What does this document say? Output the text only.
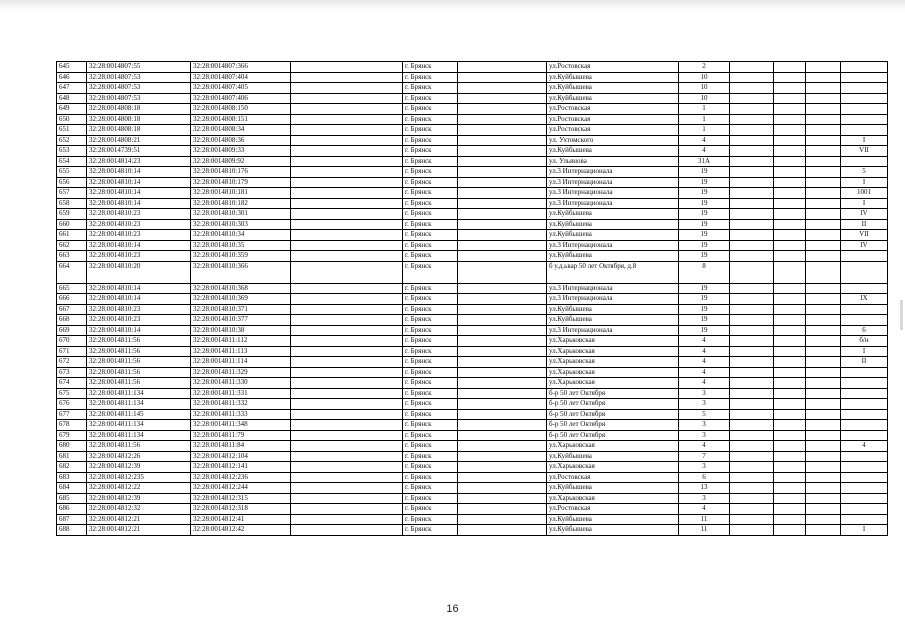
645	32:28:0014807:55	32:28:0014807:366		г. Брянск		ул.Ростовская	2				
646	32:28:0014807:53	32:28:0014807:404		г. Брянск		ул.Куйбышева	10				
647	32:28:0014807:53	32:28:0014807:405		г. Брянск		ул.Куйбышева	10				
648	32:28:0014807:53	32:28:0014807:406		г. Брянск		ул.Куйбышева	10				
649	32:28:0014808:18	32:28:0014808:150		г. Брянск		ул.Ростовская	1				
650	32:28:0014808:18	32:28:0014808:151		г. Брянск		ул.Ростовская	1				
651	32:28:0014808:18	32:28:0014808:34		г. Брянск		ул.Ростовская	1				
652	32:28:0014808:21	32:28:0014808:36		г. Брянск		ул. Ухтомского	4				I
653	32:28:0014739:51	32:28:0014809:33		г. Брянск		ул.Куйбышева	4				VII
654	32:28:0014814:23	32:28:0014809:92		г. Брянск		ул. Ульянова	31А				
655	32:28:0014810:14	32:28:0014810:176		г. Брянск		ул.3 Интернационала	19				5
656	32:28:0014810:14	32:28:0014810:179		г. Брянск		ул.3 Интернационала	19				I
657	32:28:0014810:14	32:28:0014810:181		г. Брянск		ул.3 Интернационала	19				1001
658	32:28:0014810:14	32:28:0014810:182		г. Брянск		ул.3 Интернационала	19				I
659	32:28:0014810:23	32:28:0014810:301		г. Брянск		ул.Куйбышева	19				IV
660	32:28:0014810:23	32:28:0014810:303		г. Брянск		ул.Куйбышева	19				II
661	32:28:0014810:23	32:28:0014810:34		г. Брянск		ул.Куйбышева	19				VII
662	32:28:0014810:14	32:28:0014810:35		г. Брянск		ул.3 Интернационала	19				IV
663	32:28:0014810:23	32:28:0014810:359		г. Брянск		ул.Куйбышева	19				
664	32:28:0014810:20	32:28:0014810:366		г. Брянск		б у.д.ьвар 50 лет Октября, д.8	8				
665	32:28:0014810:14	32:28:0014810:368		г. Брянск		ул.3 Интернационала	19				
666	32:28:0014810:14	32:28:0014810:369		г. Брянск		ул.3 Интернационала	19				IX
667	32:28:0014810:23	32:28:0014810:371		г. Брянск		ул.Куйбышева	19				
668	32:28:0014810:23	32:28:0014810:377		г. Брянск		ул.Куйбышева	19				
669	32:28:0014810:14	32:28:0014810:38		г. Брянск		ул.3 Интернационала	19				6
670	32:28:0014811:56	32:28:0014811:112		г. Брянск		ул.Харьковская	4				б/н
671	32:28:0014811:56	32:28:0014811:113		г. Брянск		ул.Харьковская	4				I
672	32:28:0014811:56	32:28:0014811:114		г. Брянск		ул.Харьковская	4				II
673	32:28:0014811:56	32:28:0014811:329		г. Брянск		ул.Харьковская	4				
674	32:28:0014811:56	32:28:0014811:330		г. Брянск		ул.Харьковская	4				
675	32:28:0014811:134	32:28:0014811:331		г. Брянск		б-р 50 лет Октября	3				
676	32:28:0014811:134	32:28:0014811:332		г. Брянск		б-р 50 лет Октября	3				
677	32:28:0014811:145	32:28:0014811:333		г. Брянск		б-р 50 лет Октября	5				
678	32:28:0014811:134	32:28:0014811:348		г. Брянск		б-р 50 лет Октября	3				
679	32:28:0014811:134	32:28:0014811:79		г. Брянск		б-р 50 лет Октября	3				
680	32:28:0014811:56	32:28:0014811:84		г. Брянск		ул.Харьковская	4				4
681	32:28:0014812:26	32:28:0014812:104		г. Брянск		ул.Куйбышева	7				
682	32:28:0014812:39	32:28:0014812:141		г. Брянск		ул.Харьковская	3				
683	32:28:0014812:235	32:28:0014812:236		г. Брянск		ул.Ростовская	6				
684	32:28:0014812:22	32:28:0014812:244		г. Брянск		ул.Куйбышева	13				
685	32:28:0014812:39	32:28:0014812:315		г. Брянск		ул.Харьковская	3				
686	32:28:0014812:32	32:28:0014812:318		г. Брянск		ул.Ростовская	4				
687	32:28:0014812:21	32:28:0014812:41		г. Брянск		ул.Куйбышева	11				
688	32:28:0014812:21	32:28:0014812:42		г. Брянск		ул.Куйбышева	11				I
16
